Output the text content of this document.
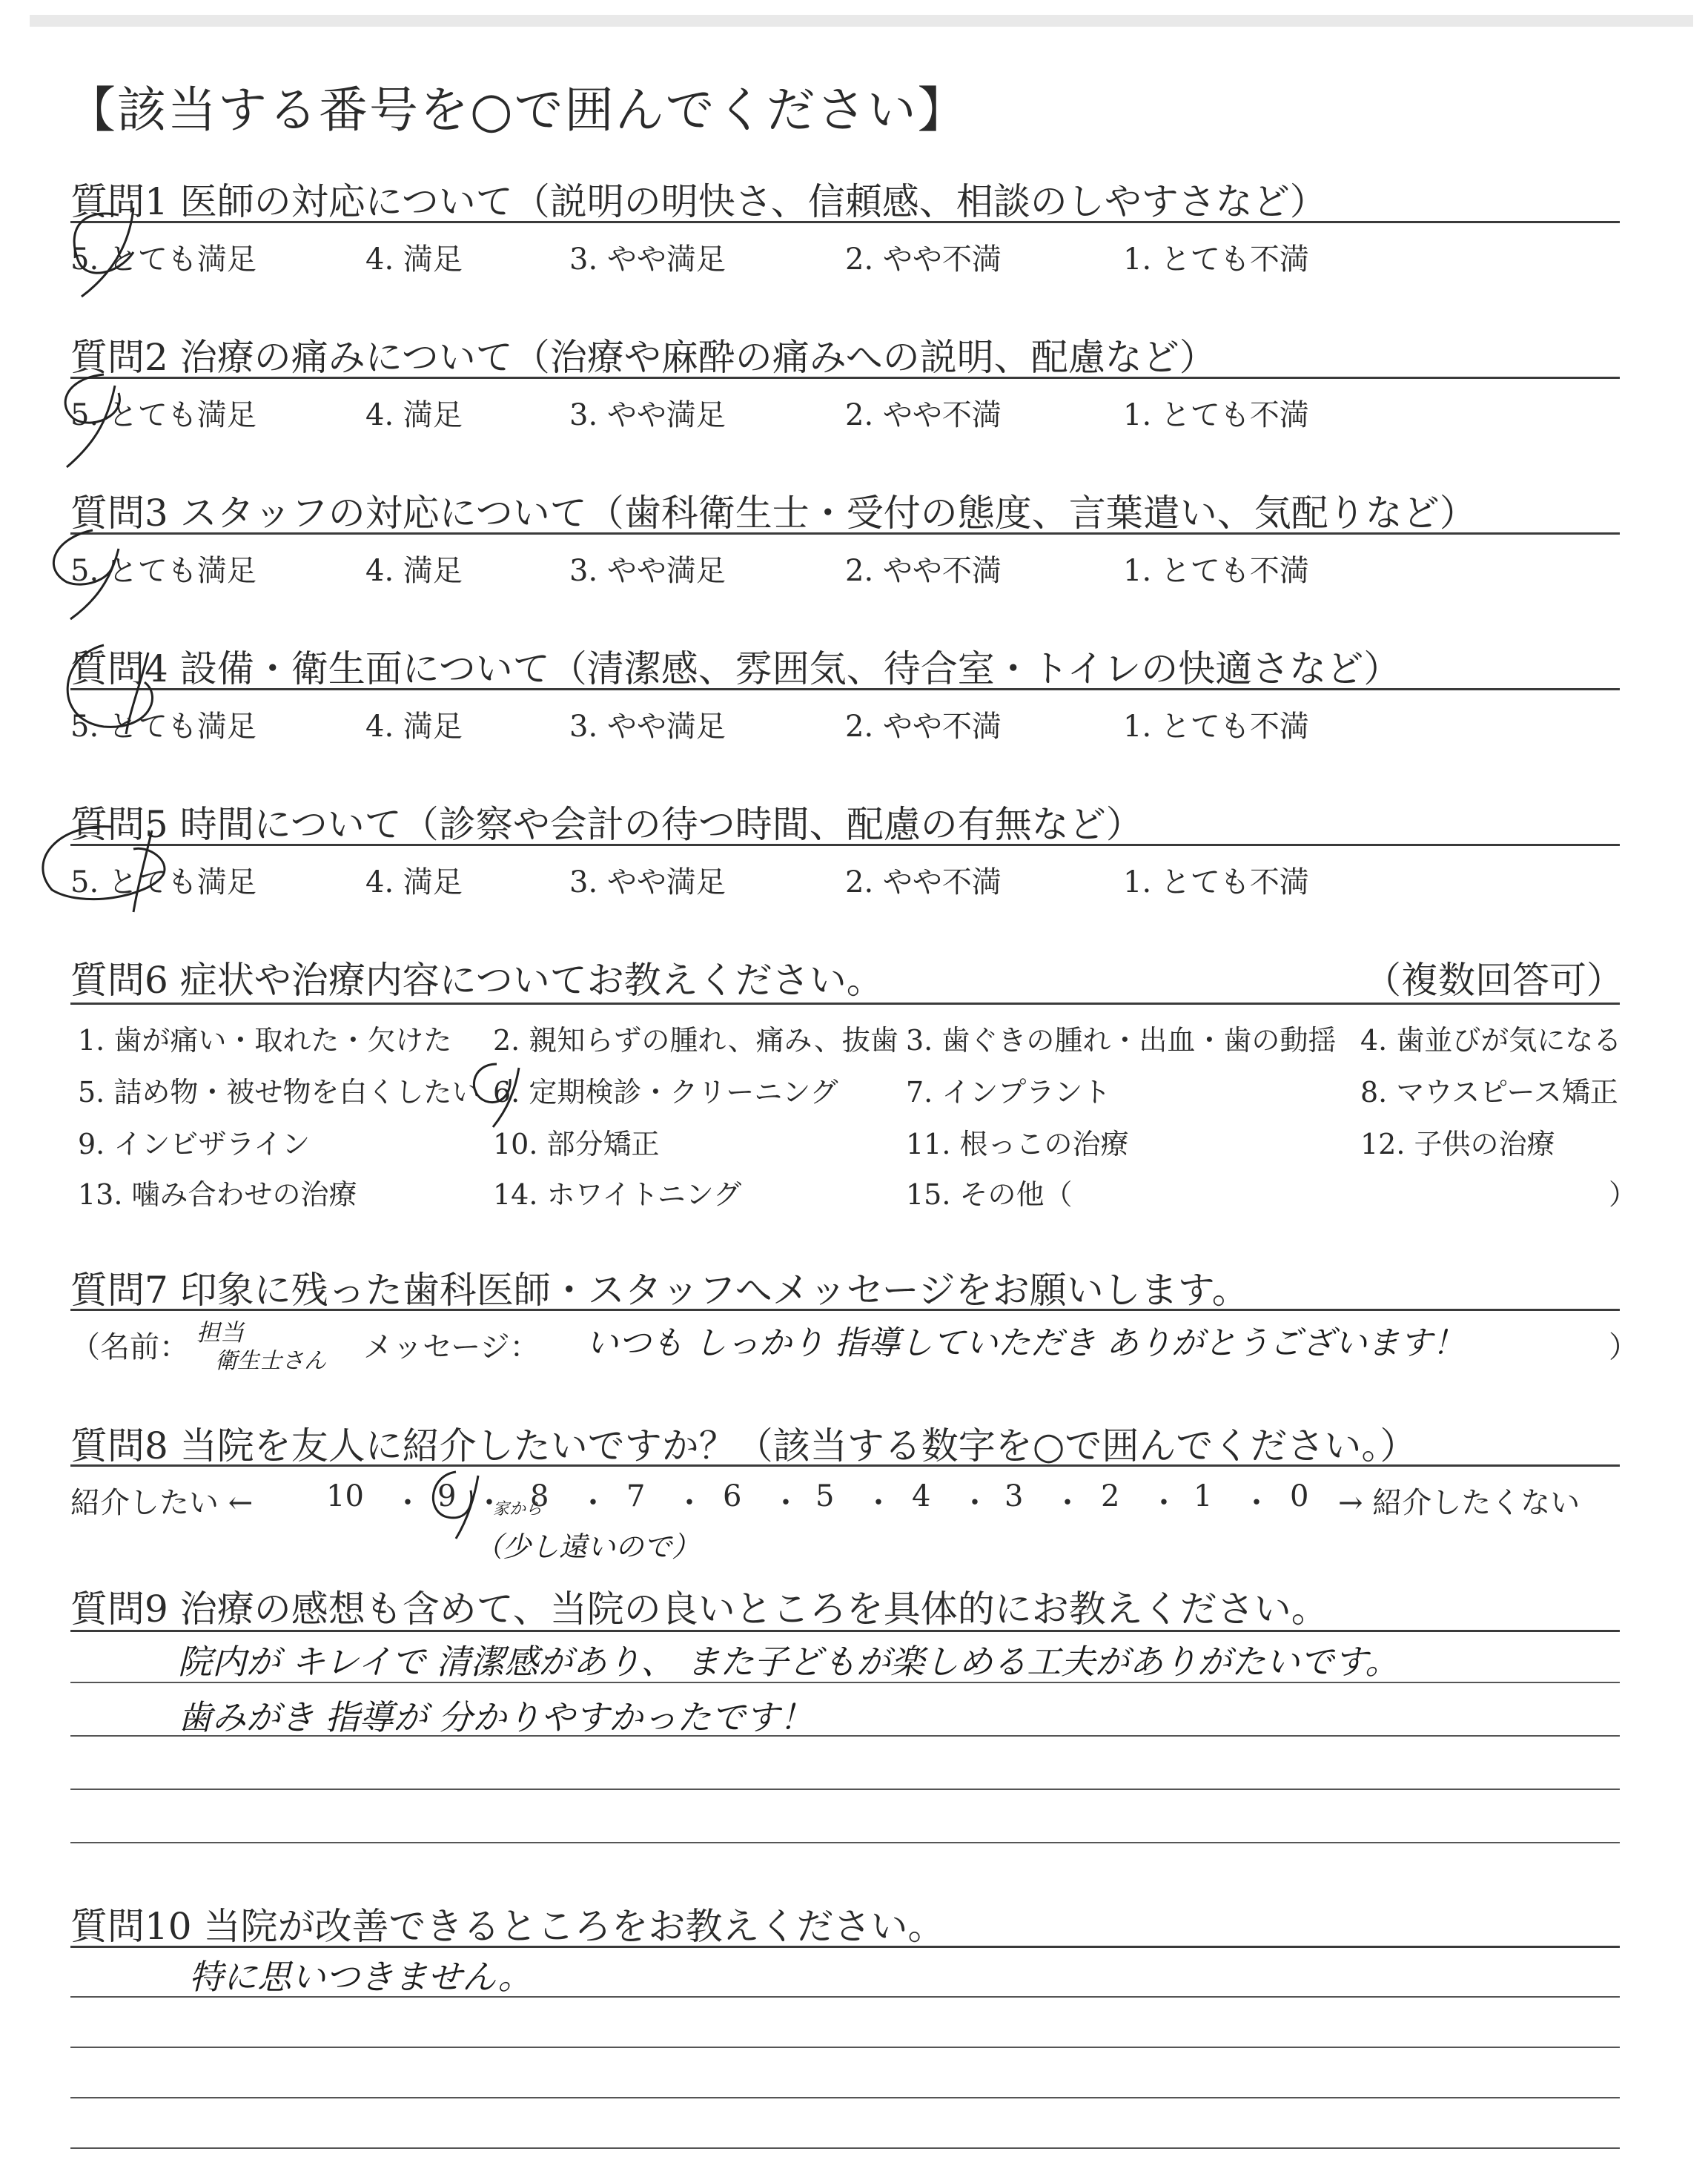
【該当する番号を○で囲んでください】
質問1 医師の対応について（説明の明快さ、信頼感、相談のしやすさなど）
5. とても満足	4. 満足	3. やや満足	2. やや不満	1. とても不満
質問2 治療の痛みについて（治療や麻酔の痛みへの説明、配慮など）
5. とても満足	4. 満足	3. やや満足	2. やや不満	1. とても不満
質問3 スタッフの対応について（歯科衛生士・受付の態度、言葉遣い、気配りなど）
5. とても満足	4. 満足	3. やや満足	2. やや不満	1. とても不満
質問4 設備・衛生面について（清潔感、雰囲気、待合室・トイレの快適さなど）
5. とても満足	4. 満足	3. やや満足	2. やや不満	1. とても不満
質問5 時間について（診察や会計の待つ時間、配慮の有無など）
5. とても満足	4. 満足	3. やや満足	2. やや不満	1. とても不満
質問6 症状や治療内容についてお教えください。	（複数回答可）
1. 歯が痛い・取れた・欠けた 2. 親知らずの腫れ、痛み、抜歯 3. 歯ぐきの腫れ・出血・歯の動揺 4. 歯並びが気になる
5. 詰め物・被せ物を白くしたい 6. 定期検診・クリーニング 7. インプラント	8. マウスピース矯正
9. インビザライン	10. 部分矯正	11. 根っこの治療	12. 子供の治療
13. 噛み合わせの治療	14. ホワイトニング	15. その他（	）
質問7 印象に残った歯科医師・スタッフへメッセージをお願いします。
（名前： 担当
衛生士さん メッセージ： いつも しっかり 指導していただき ありがとうございます！	）
質問8 当院を友人に紹介したいですか？（該当する数字を○で囲んでください。）
紹介したい ← 10 ・ 9 ・ 8 ・ 7 ・ 6 ・ 5 ・ 4 ・ 3 ・ 2 ・ 1 ・ 0 → 紹介したくない
家から
（少し遠いので）
質問9 治療の感想も含めて、当院の良いところを具体的にお教えください。
院内が キレイで 清潔感があり、 また子どもが楽しめる工夫がありがたいです。
歯みがき 指導が 分かりやすかったです！
質問10 当院が改善できるところをお教えください。
特に思いつきません。
